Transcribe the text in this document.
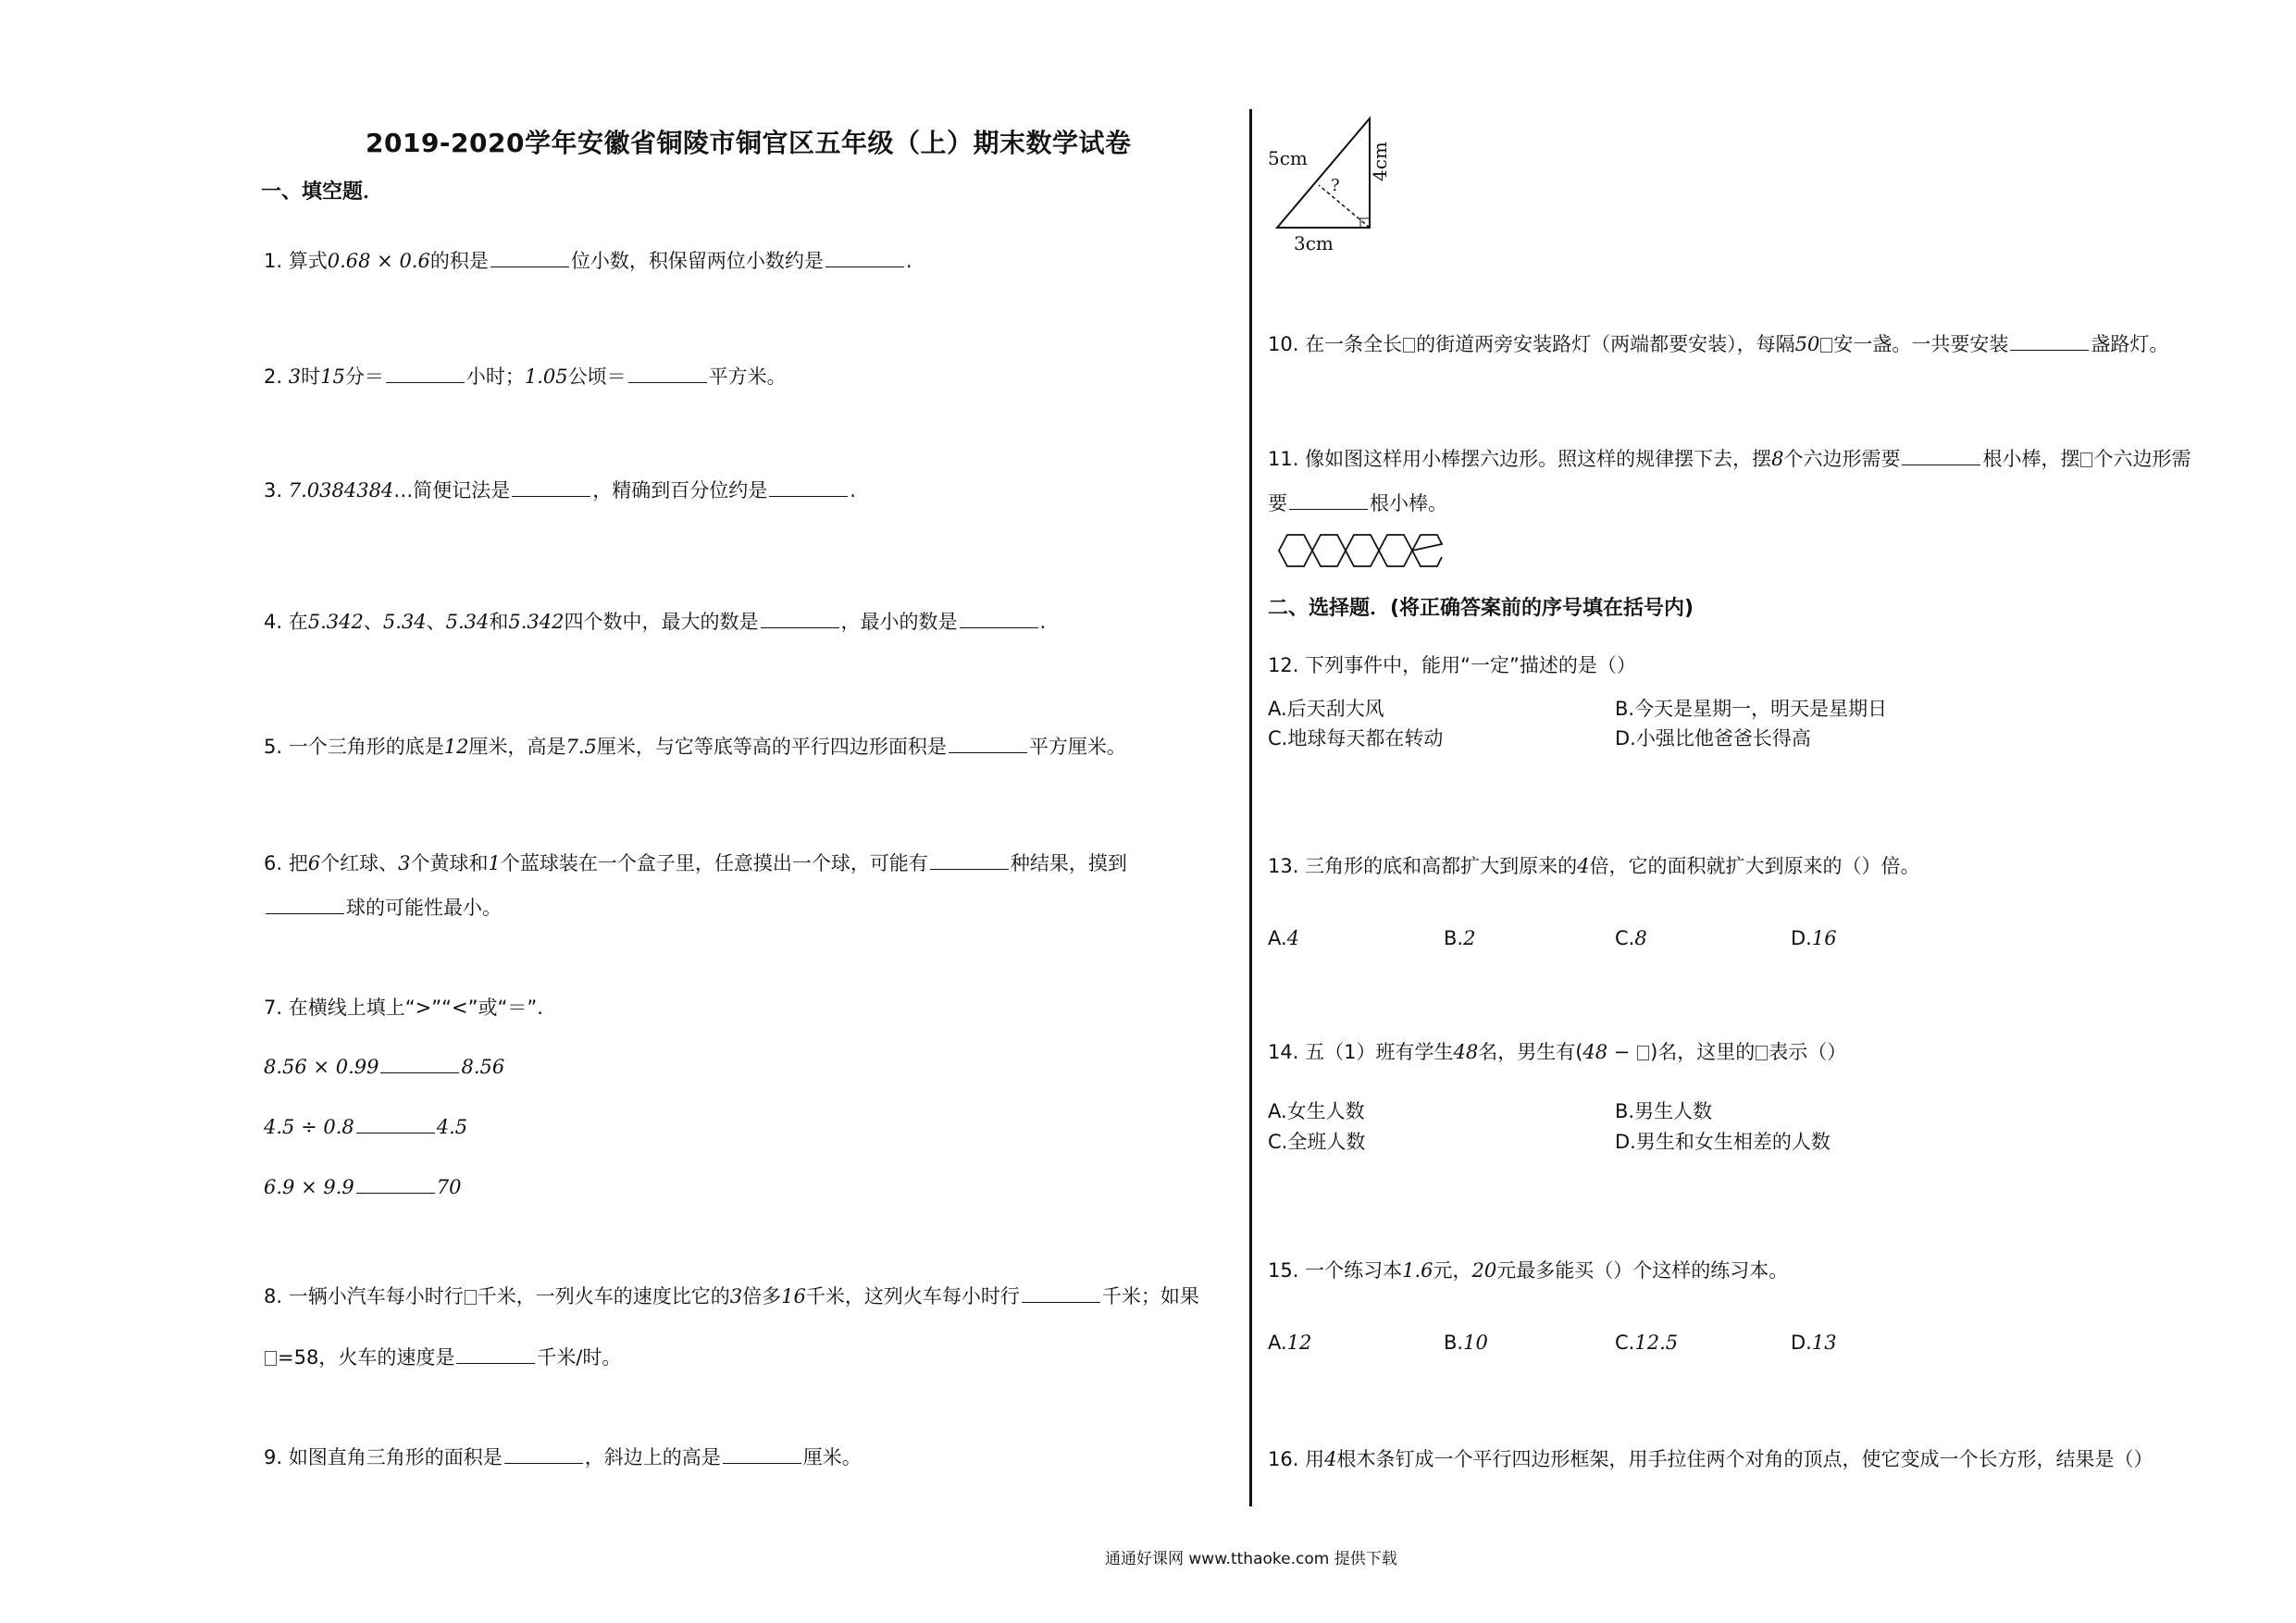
2019-2020学年安徽省铜陵市铜官区五年级（上）期末数学试卷
一、填空题．
1. 算式0.68 × 0.6的积是	位小数，积保留两位小数约是	.
2. 3时15分＝	小时；1.05公顷＝	平方米。
3. 7.0384384…简便记法是	，精确到百分位约是	.
4. 在5.342、5.34、5.34和5.342四个数中，最大的数是	，最小的数是	.
5. 一个三角形的底是12厘米，高是7.5厘米，与它等底等高的平行四边形面积是	平方厘米。
6. 把6个红球、3个黄球和1个蓝球装在一个盒子里，任意摸出一个球，可能有	种结果，摸到
球的可能性最小。
7. 在横线上填上“>”“<”或“＝”.
8.56 × 0.99	8.56
4.5 ÷ 0.8	4.5
6.9 × 9.9	70
8. 一辆小汽车每小时行 千米，一列火车的速度比它的3倍多16千米，这列火车每小时行	千米；如果
=58，火车的速度是	千米/时。
9. 如图直角三角形的面积是	，斜边上的高是	厘米。
5cm	4cm
3cm
?
10. 在一条全长 的街道两旁安装路灯（两端都要安装），每隔50 安一盏。一共要安装	盏路灯。
11. 像如图这样用小棒摆六边形。照这样的规律摆下去，摆8个六边形需要	根小棒，摆 个六边形需
要	根小棒。
二、选择题．(将正确答案前的序号填在括号内)
12. 下列事件中，能用“一定”描述的是（）
A.后天刮大风	B.今天是星期一，明天是星期日
C.地球每天都在转动	D.小强比他爸爸长得高
13. 三角形的底和高都扩大到原来的4倍，它的面积就扩大到原来的（）倍。
A.4	B.2	C.8	D.16
14. 五（1）班有学生48名，男生有(48 − )名，这里的 表示（）
A.女生人数	B.男生人数
C.全班人数	D.男生和女生相差的人数
15. 一个练习本1.6元，20元最多能买（）个这样的练习本。
A.12	B.10	C.12.5	D.13
16. 用4根木条钉成一个平行四边形框架，用手拉住两个对角的顶点，使它变成一个长方形，结果是（）
通通好课网 www.tthaoke.com 提供下载
